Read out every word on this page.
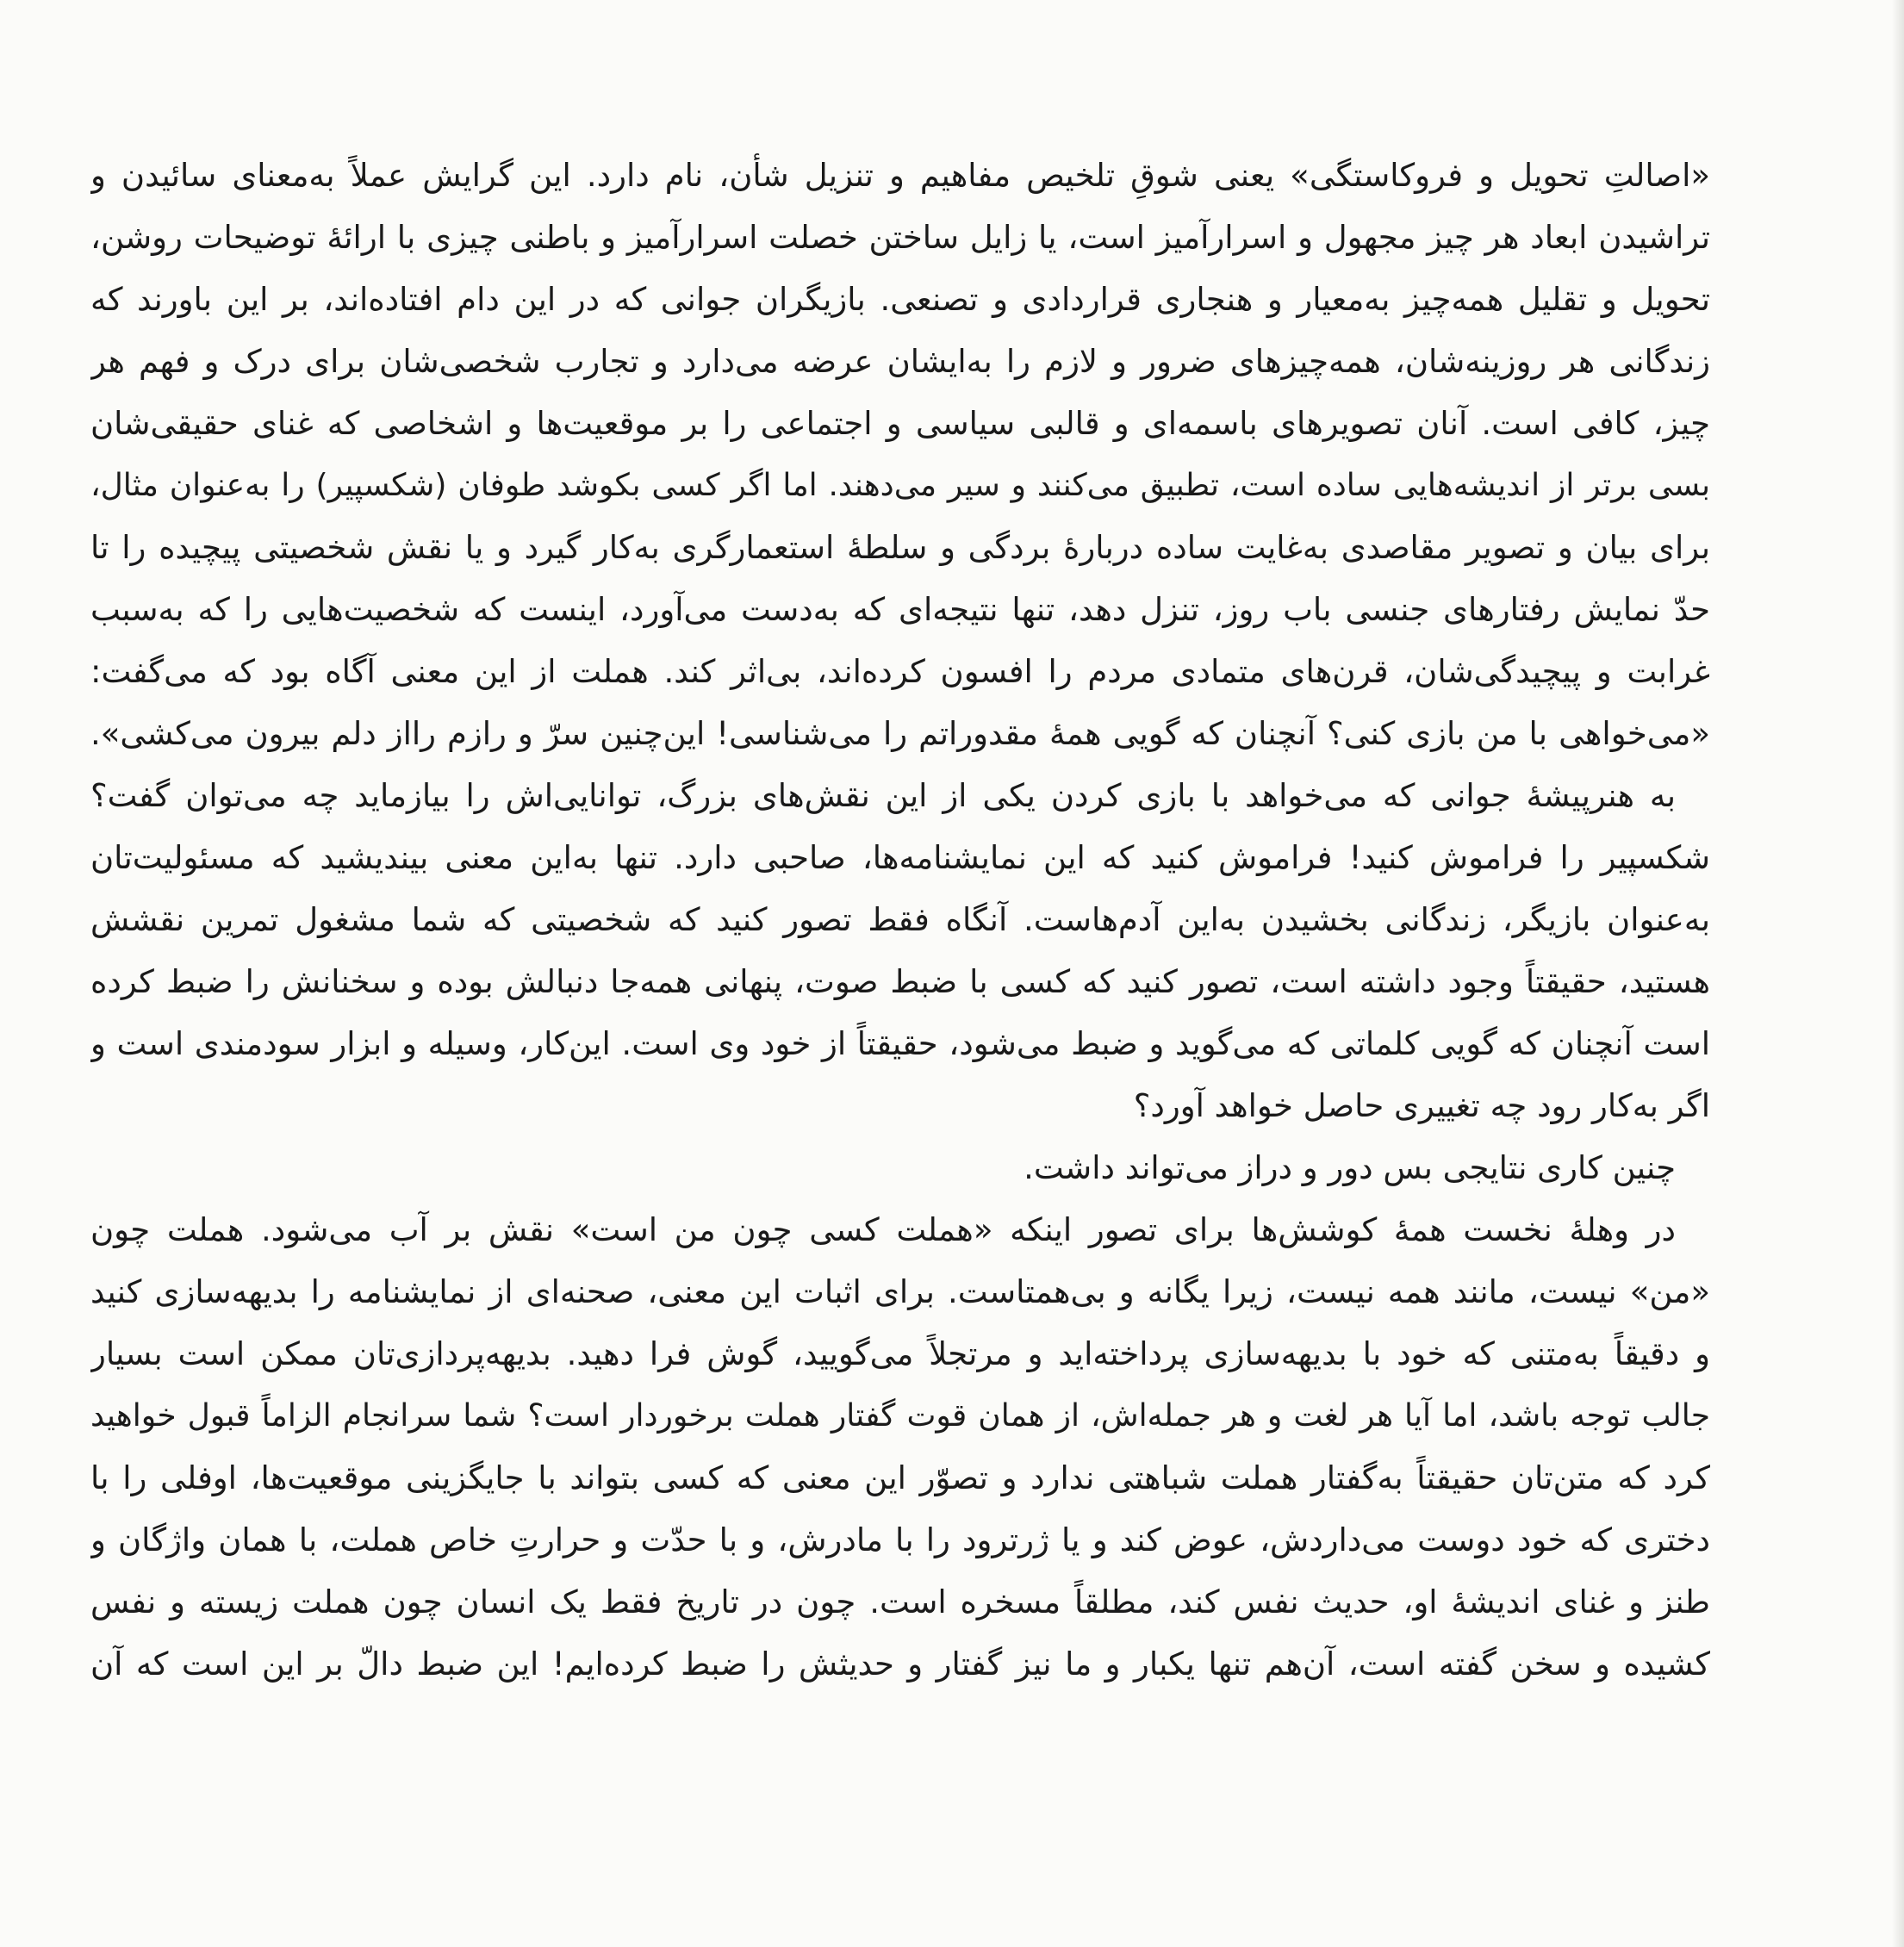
«اصالتِ تحویل و فروکاستگی» یعنی شوقِ تلخیص مفاهیم و تنزیل شأن، نام دارد. این گرایش عملاً به‌معنای سائیدن و
تراشیدن ابعاد هر چیز مجهول و اسرارآمیز است، یا زایل ساختن خصلت اسرارآمیز و باطنی چیزی با ارائهٔ توضیحات روشن،
تحویل و تقلیل همه‌چیز به‌معیار و هنجاری قراردادی و تصنعی. بازیگران جوانی که در این دام افتاده‌اند، بر این باورند که
زندگانی هر روزینه‌شان، همه‌چیزهای ضرور و لازم را به‌ایشان عرضه می‌دارد و تجارب شخصی‌شان برای درک و فهم هر
چیز، کافی است. آنان تصویرهای باسمه‌ای و قالبی سیاسی و اجتماعی را بر موقعیت‌ها و اشخاصی که غنای حقیقی‌شان
بسی برتر از اندیشه‌هایی ساده است، تطبیق می‌کنند و سیر می‌دهند. اما اگر کسی بکوشد طوفان (شکسپیر) را به‌عنوان مثال،
برای بیان و تصویر مقاصدی به‌غایت ساده دربارهٔ بردگی و سلطهٔ استعمارگری به‌کار گیرد و یا نقش شخصیتی پیچیده را تا
حدّ نمایش رفتارهای جنسی باب روز، تنزل دهد، تنها نتیجه‌ای که به‌دست می‌آورد، اینست که شخصیت‌هایی را که به‌سبب
غرابت و پیچیدگی‌شان، قرن‌های متمادی مردم را افسون کرده‌اند، بی‌اثر کند. هملت از این معنی آگاه بود که می‌گفت:
«می‌خواهی با من بازی کنی؟ آنچنان که گویی همهٔ مقدوراتم را می‌شناسی! این‌چنین سرّ و رازم رااز دلم بیرون می‌کشی».
به هنرپیشهٔ جوانی که می‌خواهد با بازی کردن یکی از این نقش‌های بزرگ، توانایی‌اش را بیازماید چه می‌توان گفت؟
شکسپیر را فراموش کنید! فراموش کنید که این نمایشنامه‌ها، صاحبی دارد. تنها به‌این معنی بیندیشید که مسئولیت‌تان
به‌عنوان بازیگر، زندگانی بخشیدن به‌این آدم‌هاست. آنگاه فقط تصور کنید که شخصیتی که شما مشغول تمرین نقشش
هستید، حقیقتاً وجود داشته است، تصور کنید که کسی با ضبط صوت، پنهانی همه‌جا دنبالش بوده و سخنانش را ضبط کرده
است آنچنان که گویی کلماتی که می‌گوید و ضبط می‌شود، حقیقتاً از خود وی است. این‌کار، وسیله و ابزار سودمندی است و
اگر به‌کار رود چه تغییری حاصل خواهد آورد؟
چنین کاری نتایجی بس دور و دراز می‌تواند داشت.
در وهلهٔ نخست همهٔ کوشش‌ها برای تصور اینکه «هملت کسی چون من است» نقش بر آب می‌شود. هملت چون
«من» نیست، مانند همه نیست، زیرا یگانه و بی‌همتاست. برای اثبات این معنی، صحنه‌ای از نمایشنامه را بدیهه‌سازی کنید
و دقیقاً به‌متنی که خود با بدیهه‌سازی پرداخته‌اید و مرتجلاً می‌گویید، گوش فرا دهید. بدیهه‌پردازی‌تان ممکن است بسیار
جالب توجه باشد، اما آیا هر لغت و هر جمله‌اش، از همان قوت گفتار هملت برخوردار است؟ شما سرانجام الزاماً قبول خواهید
کرد که متن‌تان حقیقتاً به‌گفتار هملت شباهتی ندارد و تصوّر این معنی که کسی بتواند با جایگزینی موقعیت‌ها، اوفلی را با
دختری که خود دوست می‌داردش، عوض کند و یا ژرترود را با مادرش، و با حدّت و حرارتِ خاص هملت، با همان واژگان و
طنز و غنای اندیشهٔ او، حدیث نفس کند، مطلقاً مسخره است. چون در تاریخ فقط یک انسان چون هملت زیسته و نفس
کشیده و سخن گفته است، آن‌هم تنها یکبار و ما نیز گفتار و حدیثش را ضبط کرده‌ایم! این ضبط دالّ بر این است که آن
